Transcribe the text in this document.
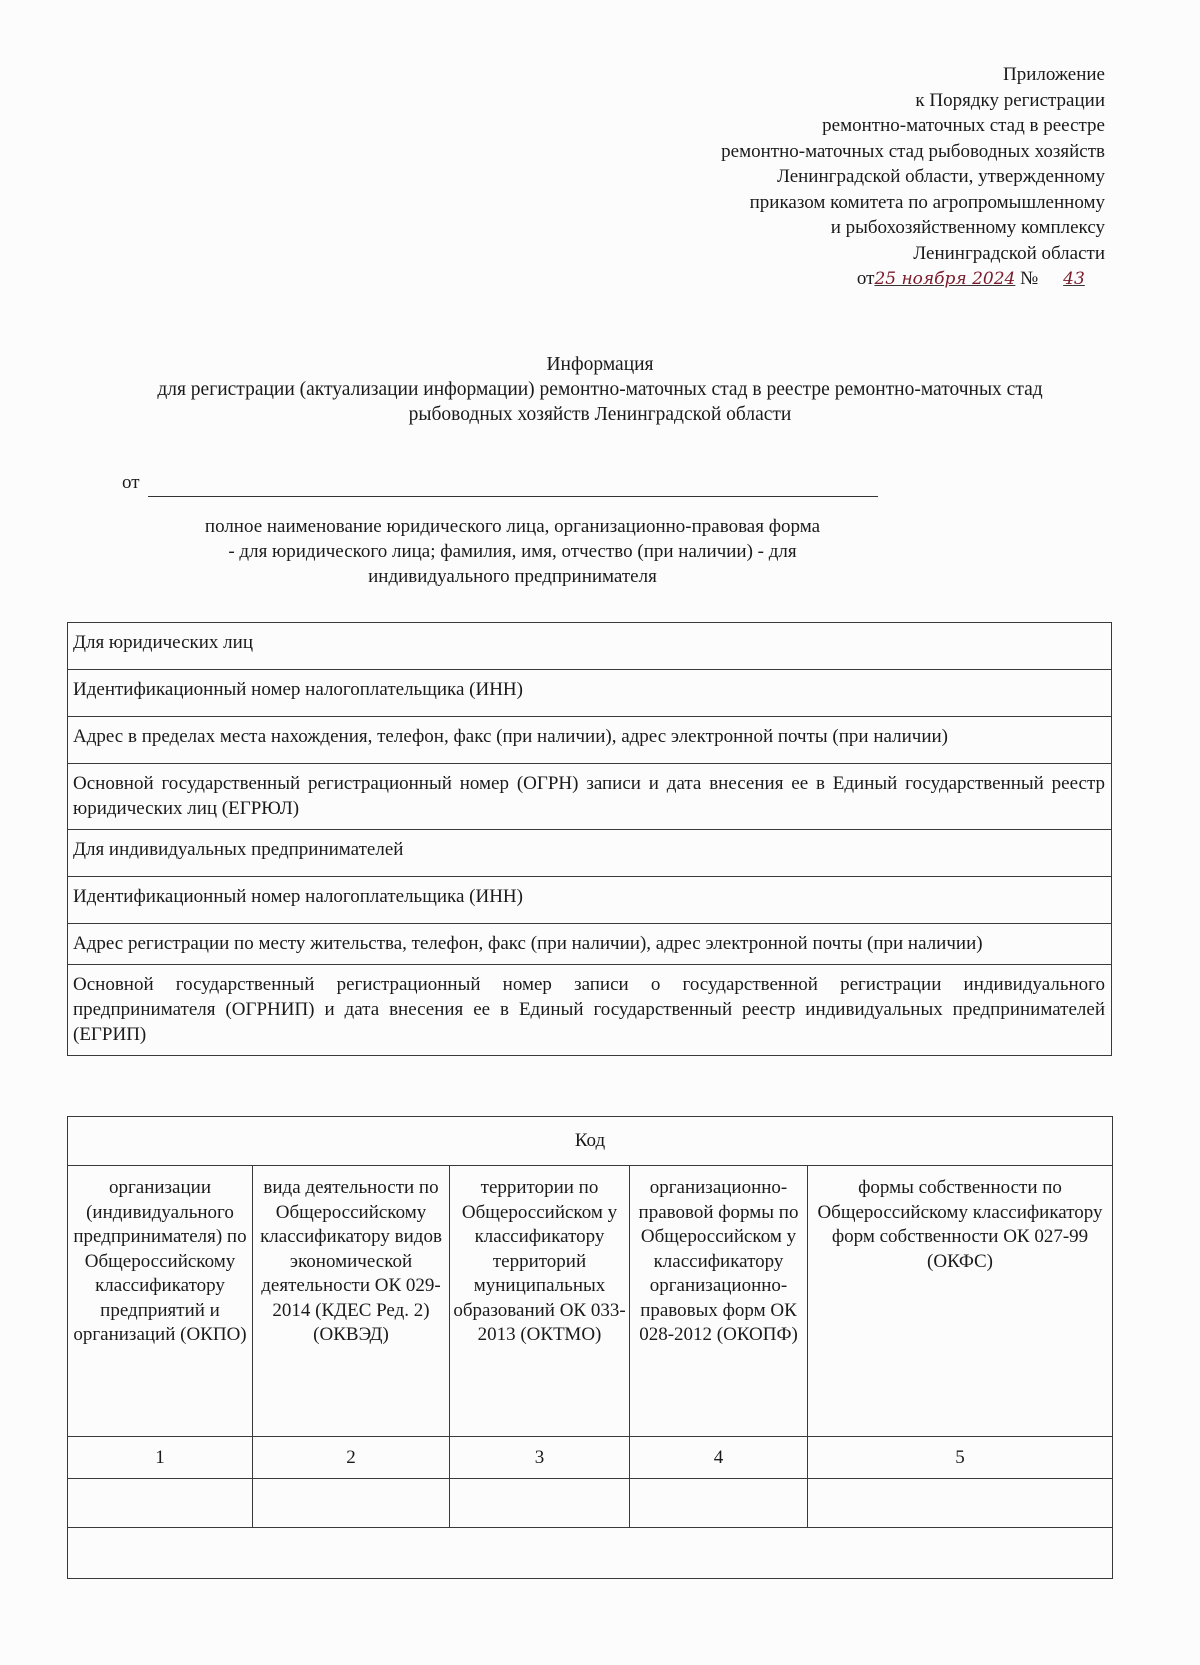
Приложение
к Порядку регистрации
ремонтно-маточных стад в реестре
ремонтно-маточных стад рыбоводных хозяйств
Ленинградской области, утвержденному
приказом комитета по агропромышленному
и рыбохозяйственному комплексу
Ленинградской области
от25 ноября 2024 № 43
Информация
для регистрации (актуализации информации) ремонтно-маточных стад в реестре ремонтно-маточных стад
рыбоводных хозяйств Ленинградской области
от
полное наименование юридического лица, организационно-правовая форма
- для юридического лица; фамилия, имя, отчество (при наличии) - для
индивидуального предпринимателя
Для юридических лиц
Идентификационный номер налогоплательщика (ИНН)
Адрес в пределах места нахождения, телефон, факс (при наличии), адрес электронной почты (при наличии)
Основной государственный регистрационный номер (ОГРН) записи и дата внесения ее в Единый государственный реестр юридических лиц (ЕГРЮЛ)
Для индивидуальных предпринимателей
Идентификационный номер налогоплательщика (ИНН)
Адрес регистрации по месту жительства, телефон, факс (при наличии), адрес электронной почты (при наличии)
Основной государственный регистрационный номер записи о государственной регистрации индивидуального предпринимателя (ОГРНИП) и дата внесения ее в Единый государственный реестр индивидуальных предпринимателей (ЕГРИП)
Код				
организации (индивидуального предпринимателя) по Общероссийскому классификатору предприятий и организаций (ОКПО)	вида деятельности по Общероссийскому классификатору видов экономической деятельности ОК 029-2014 (КДЕС Ред. 2) (ОКВЭД)	территории по Общероссийском у классификатору территорий муниципальных образований ОК 033-2013 (ОКТМО)	организационно-правовой формы по Общероссийском у классификатору организационно-правовых форм ОК 028-2012 (ОКОПФ)	формы собственности по Общероссийскому классификатору форм собственности ОК 027-99 (ОКФС)
1	2	3	4	5
